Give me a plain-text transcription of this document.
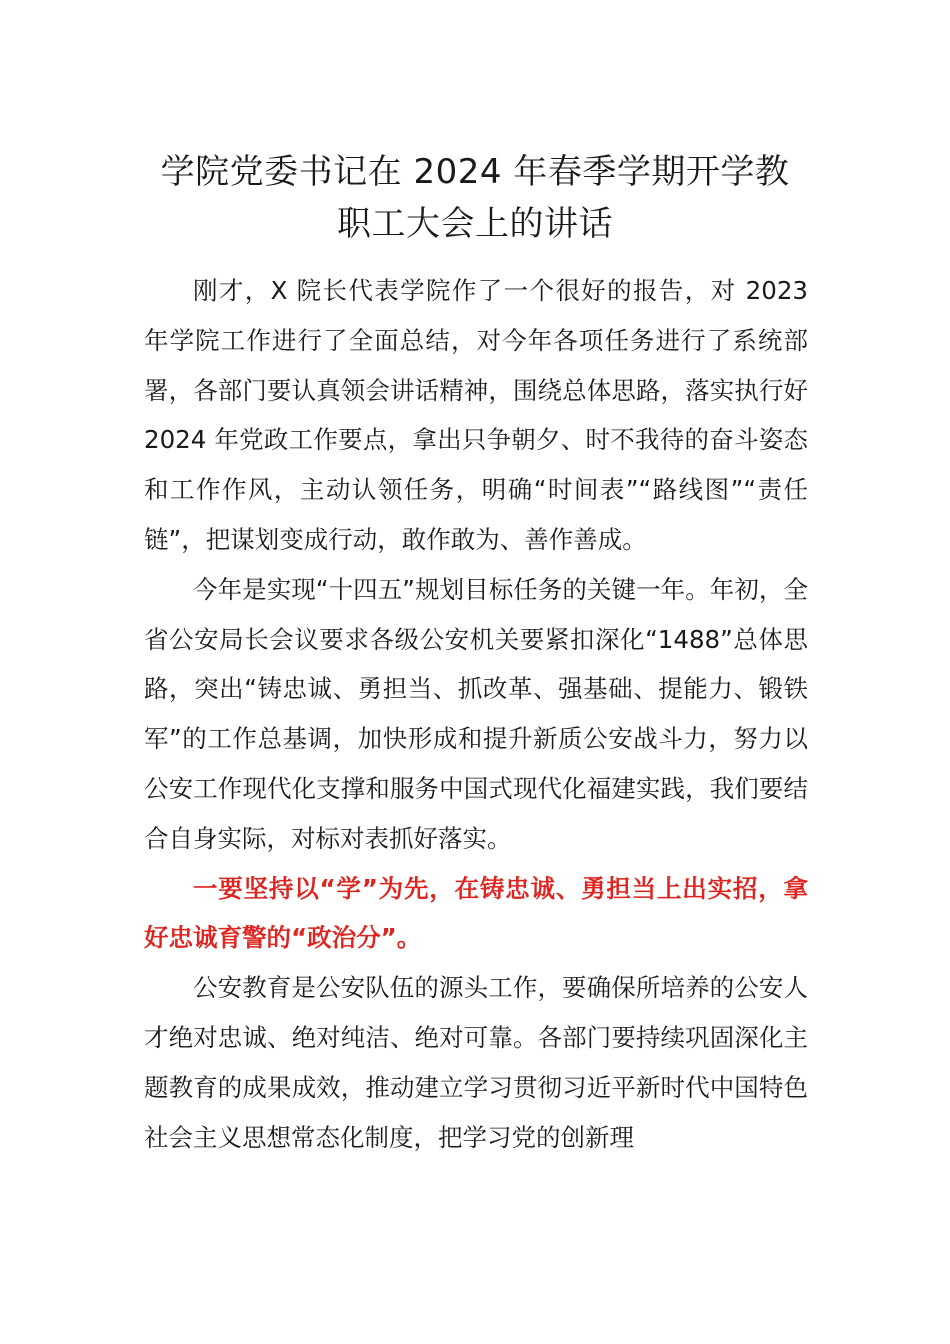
学院党委书记在 2024 年春季学期开学教
职工大会上的讲话

刚才，X 院长代表学院作了一个很好的报告，对 2023 年学院工作进行了全面总结，对今年各项任务进行了系统部署，各部门要认真领会讲话精神，围绕总体思路，落实执行好 2024 年党政工作要点，拿出只争朝夕、时不我待的奋斗姿态和工作作风，主动认领任务，明确“时间表”“路线图”“责任链”，把谋划变成行动，敢作敢为、善作善成。

今年是实现“十四五”规划目标任务的关键一年。年初，全省公安局长会议要求各级公安机关要紧扣深化“1488”总体思路，突出“铸忠诚、勇担当、抓改革、强基础、提能力、锻铁军”的工作总基调，加快形成和提升新质公安战斗力，努力以公安工作现代化支撑和服务中国式现代化福建实践，我们要结合自身实际，对标对表抓好落实。

一要坚持以“学”为先，在铸忠诚、勇担当上出实招，拿好忠诚育警的“政治分”。

公安教育是公安队伍的源头工作，要确保所培养的公安人才绝对忠诚、绝对纯洁、绝对可靠。各部门要持续巩固深化主题教育的成果成效，推动建立学习贯彻习近平新时代中国特色社会主义思想常态化制度，把学习党的创新理
